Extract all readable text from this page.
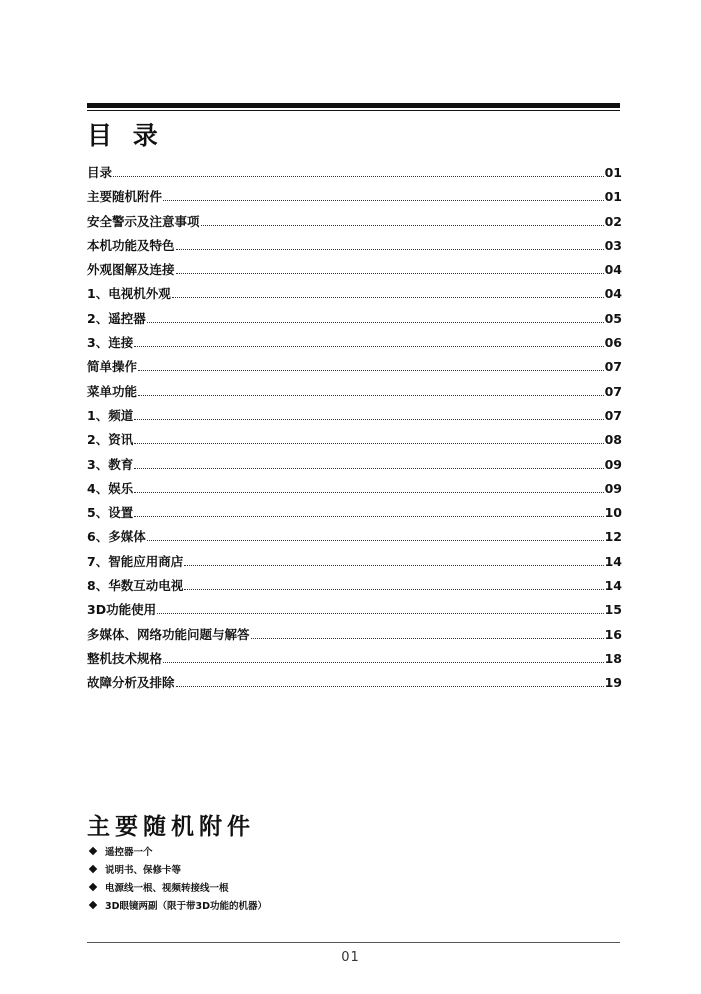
目 录
目录	01
主要随机附件	01
安全警示及注意事项	02
本机功能及特色	03
外观图解及连接	04
1、电视机外观	04
2、遥控器	05
3、连接	06
简单操作	07
菜单功能	07
1、频道	07
2、资讯	08
3、教育	09
4、娱乐	09
5、设置	10
6、多媒体	12
7、智能应用商店	14
8、华数互动电视	14
3D功能使用	15
多媒体、网络功能问题与解答	16
整机技术规格	18
故障分析及排除	19
主要随机附件
遥控器一个
说明书、保修卡等
电源线一根、视频转接线一根
3D眼镜两副（限于带3D功能的机器）
01
